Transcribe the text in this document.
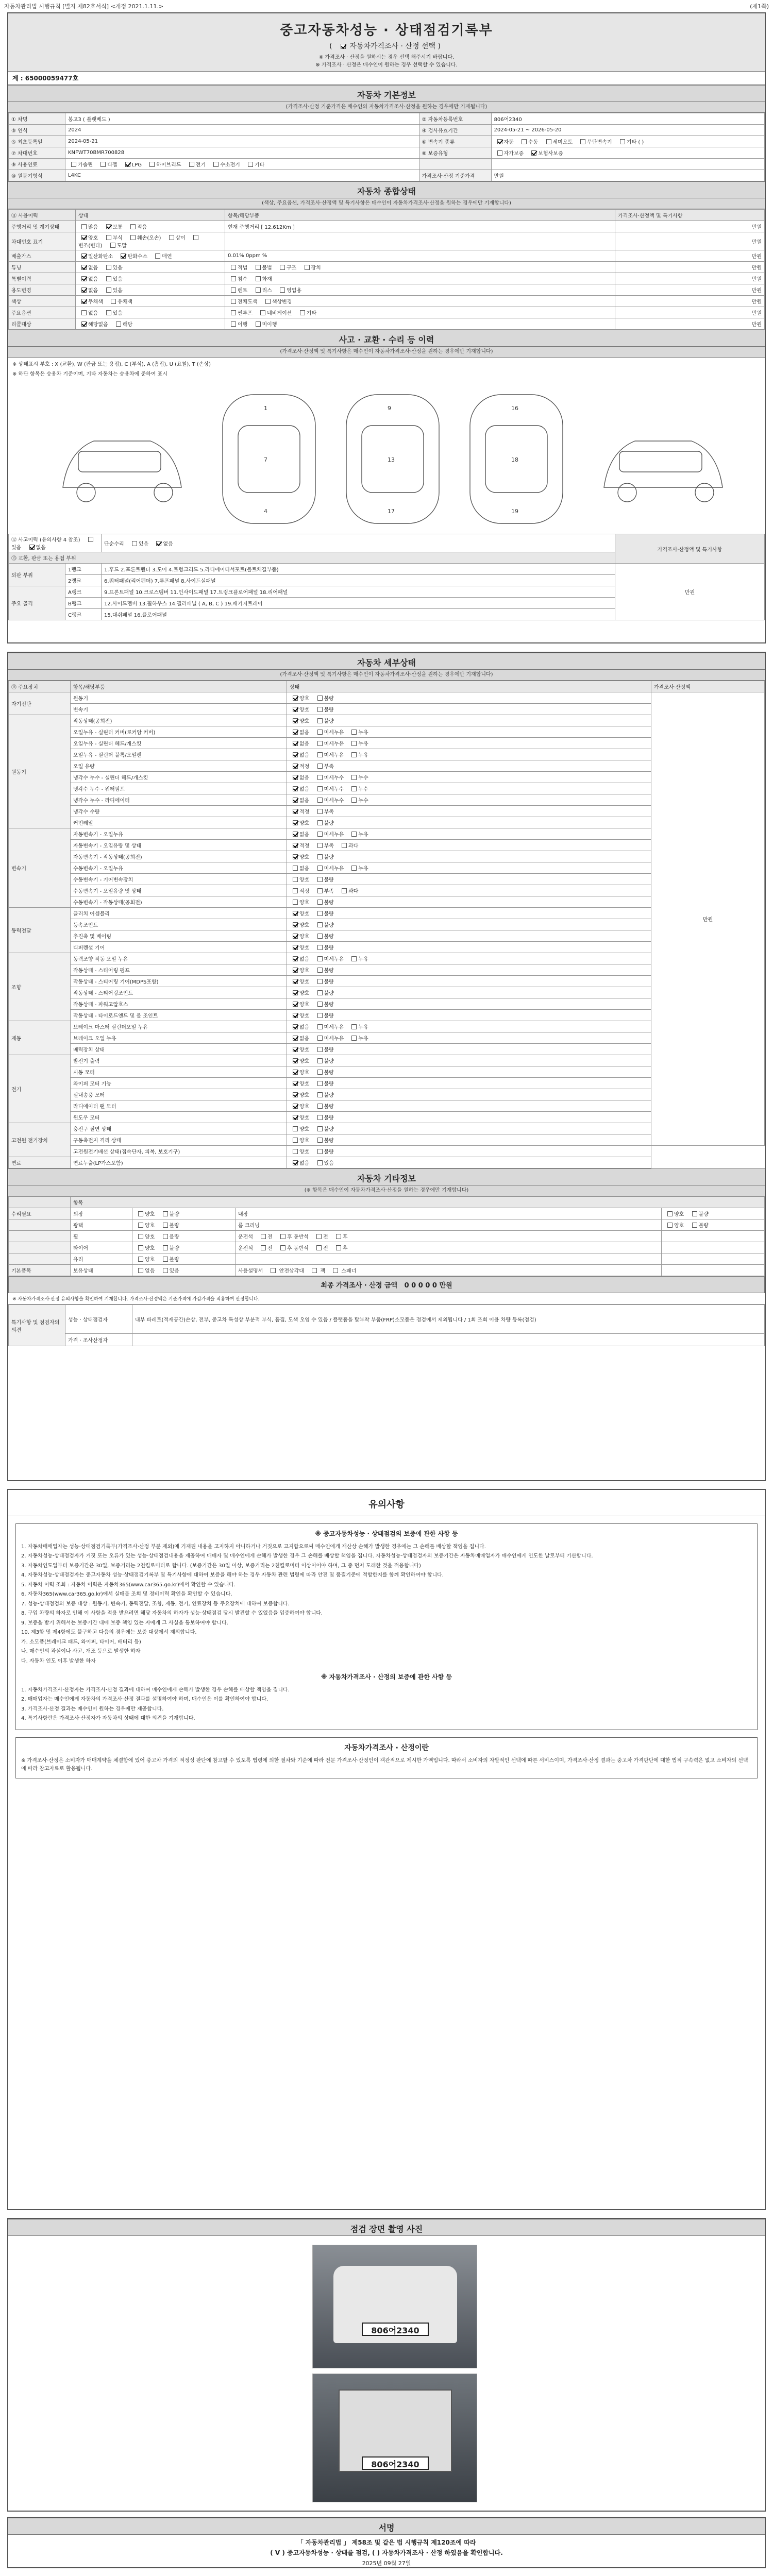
자동차관리법 시행규칙 [별지 제82호서식] <개정 2021.1.11.>	(제1쪽)
중고자동차성능 · 상태점검기록부
(  자동차가격조사 · 산정 선택 )
※ 가격조사 · 산정을 원하시는 경우 선택 해주시기 바랍니다.
※ 가격조사 · 산정은 매수인이 원하는 경우 선택할 수 있습니다.
제 : 65000059477호
자동차 기본정보
(가격조사·산정 기준가격은 매수인의 자동차가격조사·산정을 원하는 경우에만 기재됩니다)
① 차명	봉고3 ( 플랫베드 )	② 자동차등록번호	806어2340
③ 연식	2024	④ 검사유효기간	2024-05-21 ~ 2026-05-20
⑤ 최초등록일	2024-05-21	⑥ 변속기 종류	자동 수동 세미오토 무단변속기 기타 ( )
⑦ 차대번호	KNFWT70BMR700828	⑧ 보증유형	자가보증 보험사보증
⑨ 사용연료	가솔린 디젤 LPG 하이브리드 전기 수소전기 기타		
⑩ 원동기형식	L4KC	가격조사·산정 기준가격	만원
자동차 종합상태
(색상, 주요옵션, 가격조사·산정액 및 특기사항은 매수인이 자동차가격조사·산정을 원하는 경우에만 기재합니다)
⑪ 사용이력	상태	항목/해당부품	가격조사·산정액 및 특기사항
주행거리 및 계기상태	많음 보통 적음	현재 주행거리 [ 12,612Km ]	만원
차대번호 표기	양호 부식 훼손(오손) 상이 변조(변타) 도말		만원
배출가스	일산화탄소 탄화수소 매연	0.01% 0ppm %	만원
튜닝	없음 있음	적법 불법 구조 장치	만원
특별이력	없음 있음	침수 화재	만원
용도변경	없음 있음	렌트 리스 영업용	만원
색상	무채색 유채색	전체도색 색상변경	만원
주요옵션	없음 있음	썬루프 네비게이션 기타	만원
리콜대상	해당없음 해당	이행 미이행	만원
사고 · 교환 · 수리 등 이력
(가격조사·산정액 및 특기사항은 매수인이 자동차가격조사·산정을 원하는 경우에만 기재합니다)
※ 상태표시 부호 : X (교환), W (판금 또는 용접), C (부식), A (흠집), U (요철), T (손상)
※ 하단 항목은 승용차 기준이며, 기타 자동차는 승용차에 준하여 표시
1	9	16
7	13	18
4	17	19
⑫ 사고이력 (유의사항 4 참조) 있음 없음		단순수리 있음 없음	가격조사·산정액 및 특기사항
⑬ 교환, 판금 또는 용접 부위			
외판 부위	1랭크	1.후드 2.프론트펜더 3.도어 4.트렁크리드 5.라디에이터서포트(볼트체결부품)	만원
	2랭크	6.쿼터패널(리어펜더) 7.루프패널 8.사이드실패널	
주요 골격	A랭크	9.프론트패널 10.크로스멤버 11.인사이드패널 17.트렁크플로어패널 18.리어패널	
	B랭크	12.사이드멤버 13.휠하우스 14.필러패널 ( A, B, C ) 19.패키지트레이	
	C랭크	15.대쉬패널 16.플로어패널	
자동차 세부상태
(가격조사·산정액 및 특기사항은 매수인이 자동차가격조사·산정을 원하는 경우에만 기재합니다)
⑭ 주요장치	항목/해당부품	상태	가격조사·산정액
자기진단	원동기	양호 불량	만원
	변속기	양호 불량	
원동기	작동상태(공회전)	양호 불량	
	오일누유 - 실린더 커버(로커암 커버)	없음 미세누유 누유	
	오일누유 - 실린더 헤드/개스킷	없음 미세누유 누유	
	오일누유 - 실린더 블록/오일팬	없음 미세누유 누유	
	오일 유량	적정 부족	
	냉각수 누수 - 실린더 헤드/개스킷	없음 미세누수 누수	
	냉각수 누수 - 워터펌프	없음 미세누수 누수	
	냉각수 누수 - 라디에이터	없음 미세누수 누수	
	냉각수 수량	적정 부족	
	커먼레일	양호 불량	
변속기	자동변속기 - 오일누유	없음 미세누유 누유	
	자동변속기 - 오일유량 및 상태	적정 부족 과다	
	자동변속기 - 작동상태(공회전)	양호 불량	
	수동변속기 - 오일누유	없음 미세누유 누유	
	수동변속기 - 기어변속장치	양호 불량	
	수동변속기 - 오일유량 및 상태	적정 부족 과다	
	수동변속기 - 작동상태(공회전)	양호 불량	
동력전달	클러치 어셈블리	양호 불량	
	등속조인트	양호 불량	
	추진축 및 베어링	양호 불량	
	디퍼렌셜 기어	양호 불량	
조향	동력조향 작동 오일 누유	없음 미세누유 누유	
	작동상태 - 스티어링 펌프	양호 불량	
	작동상태 - 스티어링 기어(MDPS포함)	양호 불량	
	작동상태 - 스티어링조인트	양호 불량	
	작동상태 - 파워고압호스	양호 불량	
	작동상태 - 타이로드엔드 및 볼 조인트	양호 불량	
제동	브레이크 마스터 실린더오일 누유	없음 미세누유 누유	
	브레이크 오일 누유	없음 미세누유 누유	
	배력장치 상태	양호 불량	
전기	발전기 출력	양호 불량	
	시동 모터	양호 불량	
	와이퍼 모터 기능	양호 불량	
	실내송풍 모터	양호 불량	
	라디에이터 팬 모터	양호 불량	
	윈도우 모터	양호 불량	
고전원 전기장치	충전구 절연 상태	양호 불량	
	구동축전지 격리 상태	양호 불량	
	고전원전기배선 상태(접속단자, 피복, 보호기구)	양호 불량	
연료	연료누출(LP가스포함)	없음 있음	
자동차 기타정보
(※ 항목은 매수인이 자동차가격조사·산정을 원하는 경우에만 기재합니다)
	항목			
수리필요	외장	양호 불량	내장	양호 불량
	광택	양호 불량	룸 크리닝	양호 불량
	휠	양호 불량	운전석 전 후 동반석 전 후	
	타이어	양호 불량	운전석 전 후 동반석 전 후	
	유리	양호 불량		
기본품목	보유상태	없음 있음	사용설명서 안전삼각대 잭 스패너	
최종 가격조사 · 산정 금액 0 0 0 0 0 만원
※ 자동차가격조사·산정 유의사항을 확인하여 기재합니다. 가격조사·산정액은 기준가격에 가감가격을 적용하여 산정합니다.
특기사항 및 점검자의 의견	성능 · 상태점검자	내부 파레트(적재공간)손상, 전부, 중고차 특성상 부분적 부식, 흠집, 도색 오염 수 있음 / 플랫폼을 탈부착 부품(FRP)소모품은 점검에서 제외됩니다 / 1회 조회 이용 차량 등록(점검)
	가격 · 조사산정자	
유의사항
※ 중고자동차성능 · 상태점검의 보증에 관한 사항 등
1. 자동차매매업자는 성능·상태점검기록부(가격조사·산정 부분 제외)에 기재된 내용을 고지하지 아니하거나 거짓으로 고지함으로써 매수인에게 재산상 손해가 발생한 경우에는 그 손해를 배상할 책임을 집니다.
2. 자동차성능·상태점검자가 거짓 또는 오류가 있는 성능·상태점검내용을 제공하여 매매자 및 매수인에게 손해가 발생한 경우 그 손해를 배상할 책임을 집니다. 자동차성능·상태점검자의 보증기간은 자동차매매업자가 매수인에게 인도한 날로부터 기산합니다.
3. 자동차인도일부터 보증기간은 30일, 보증거리는 2천킬로미터로 합니다. (보증기간은 30일 이상, 보증거리는 2천킬로미터 이상이어야 하며, 그 중 먼저 도래한 것을 적용합니다)
4. 자동차성능·상태점검자는 중고자동차 성능·상태점검기록부 및 특기사항에 대하여 보증을 해야 하는 경우 자동차 관련 법령에 따라 안전 및 품질기준에 적합한지를 함께 확인하여야 합니다.
5. 자동차 이력 조회 : 자동차 이력은 자동차365(www.car365.go.kr)에서 확인할 수 있습니다.
6. 자동차365(www.car365.go.kr)에서 실매물 조회 및 정비이력 확인을 확인할 수 있습니다.
7. 성능·상태점검의 보증 대상 : 원동기, 변속기, 동력전달, 조향, 제동, 전기, 연료장치 등 주요장치에 대하여 보증합니다.
8. 구입 차량의 하자로 인해 이 사항을 적용 받으려면 해당 자동차의 하자가 성능·상태점검 당시 발견할 수 있었음을 입증하여야 합니다.
9. 보증을 받기 위해서는 보증기간 내에 보증 책임 있는 자에게 그 사실을 통보하여야 합니다.
10. 제3항 및 제4항에도 불구하고 다음의 경우에는 보증 대상에서 제외합니다.
가. 소모품(브레이크 패드, 와이퍼, 타이어, 배터리 등)
나. 매수인의 과실이나 사고, 개조 등으로 발생한 하자
다. 자동차 인도 이후 발생한 하자
※ 자동차가격조사 · 산정의 보증에 관한 사항 등
1. 자동차가격조사·산정자는 가격조사·산정 결과에 대하여 매수인에게 손해가 발생한 경우 손해를 배상할 책임을 집니다.
2. 매매업자는 매수인에게 자동차의 가격조사·산정 결과를 설명하여야 하며, 매수인은 이를 확인하여야 합니다.
3. 가격조사·산정 결과는 매수인이 원하는 경우에만 제공합니다.
4. 특기사항란은 가격조사·산정자가 자동차의 상태에 대한 의견을 기재합니다.
자동차가격조사 · 산정이란
※ 가격조사·산정은 소비자가 매매계약을 체결함에 있어 중고차 가격의 적정성 판단에 참고할 수 있도록 법령에 의한 절차와 기준에 따라 전문 가격조사·산정인이 객관적으로 제시한 가액입니다. 따라서 소비자의 자발적인 선택에 따른 서비스이며, 가격조사·산정 결과는 중고차 가격판단에 대한 법적 구속력은 없고 소비자의 선택에 따라 참고자료로 활용됩니다.
점검 장면 촬영 사진
806어2340
806어2340
서명
「 자동차관리법 」 제58조 및 같은 법 시행규칙 제120조에 따라
( Ⅴ ) 중고자동차성능 · 상태를 점검, ( ) 자동차가격조사 · 산정 하였음을 확인합니다.
2025년 09월 27일
